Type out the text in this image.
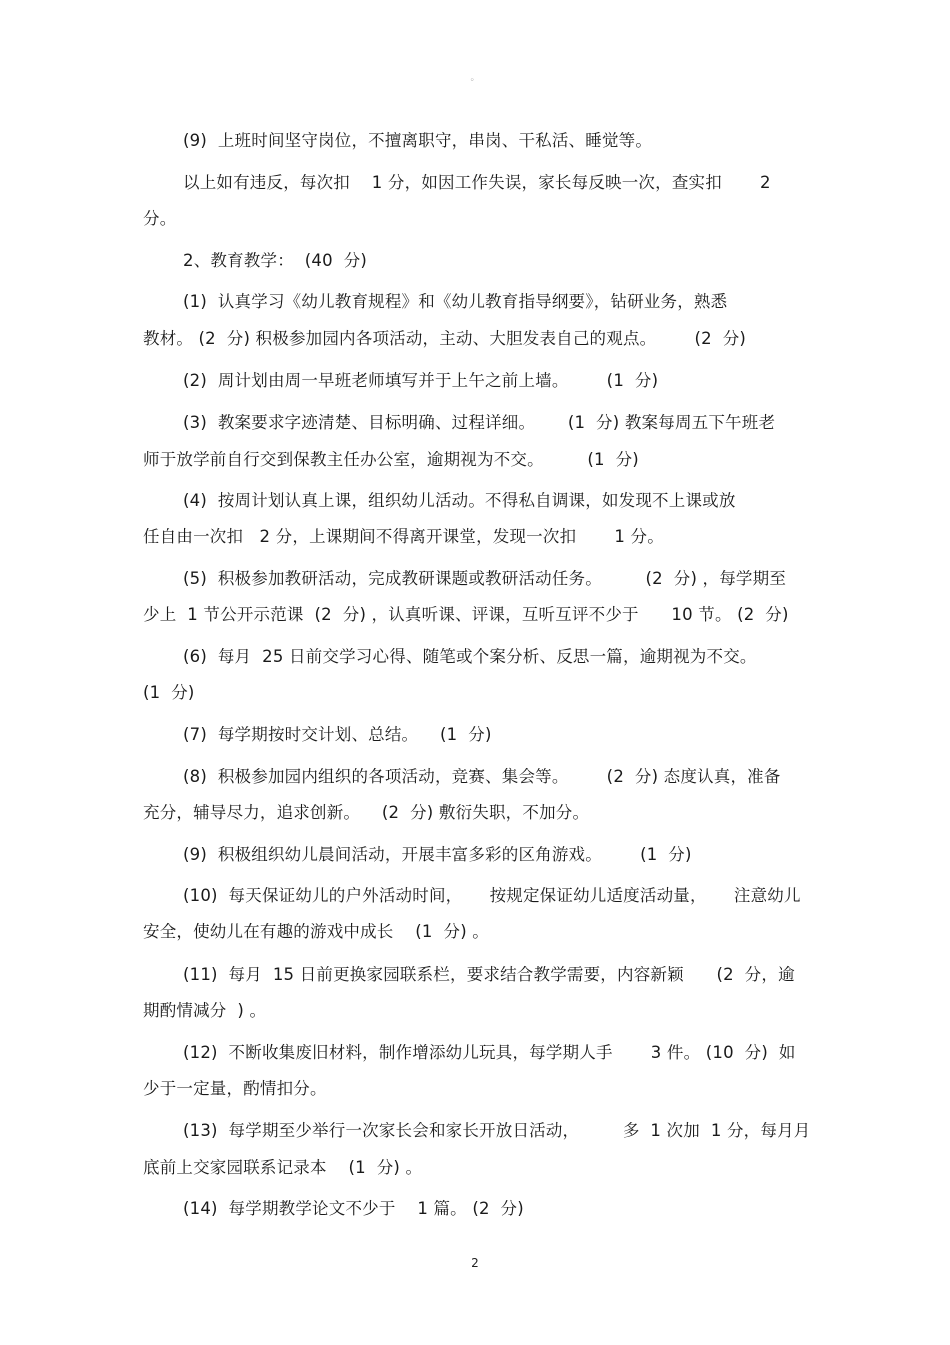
。
(9)  上班时间坚守岗位，不擅离职守，串岗、干私活、睡觉等。
以上如有违反，每次扣    1 分，如因工作失误，家长每反映一次，查实扣       2
分。
2、教育教学：  (40  分)
(1)  认真学习《幼儿教育规程》和《幼儿教育指导纲要》，钻研业务，熟悉
教材。 (2  分) 积极参加园内各项活动，主动、大胆发表自己的观点。       (2  分)
(2)  周计划由周一早班老师填写并于上午之前上墙。       (1  分)
(3)  教案要求字迹清楚、目标明确、过程详细。      (1  分) 教案每周五下午班老
师于放学前自行交到保教主任办公室，逾期视为不交。        (1  分)
(4)  按周计划认真上课，组织幼儿活动。不得私自调课，如发现不上课或放
任自由一次扣   2 分，上课期间不得离开课堂，发现一次扣       1 分。
(5)  积极参加教研活动，完成教研课题或教研活动任务。        (2  分) ，每学期至
少上  1 节公开示范课  (2  分) ，认真听课、评课，互听互评不少于      10 节。 (2  分)
(6)  每月  25 日前交学习心得、随笔或个案分析、反思一篇，逾期视为不交。
(1  分)
(7)  每学期按时交计划、总结。    (1  分)
(8)  积极参加园内组织的各项活动，竞赛、集会等。       (2  分) 态度认真，准备
充分，辅导尽力，追求创新。    (2  分) 敷衍失职，不加分。
(9)  积极组织幼儿晨间活动，开展丰富多彩的区角游戏。       (1  分)
(10)  每天保证幼儿的户外活动时间，     按规定保证幼儿适度活动量，     注意幼儿
安全，使幼儿在有趣的游戏中成长    (1  分) 。
(11)  每月  15 日前更换家园联系栏，要求结合教学需要，内容新颖      (2  分，逾
期酌情减分  ) 。
(12)  不断收集废旧材料，制作增添幼儿玩具，每学期人手       3 件。 (10  分)  如
少于一定量，酌情扣分。
(13)  每学期至少举行一次家长会和家长开放日活动，        多  1 次加  1 分，每月月
底前上交家园联系记录本    (1  分) 。
(14)  每学期教学论文不少于    1 篇。 (2  分)
2
